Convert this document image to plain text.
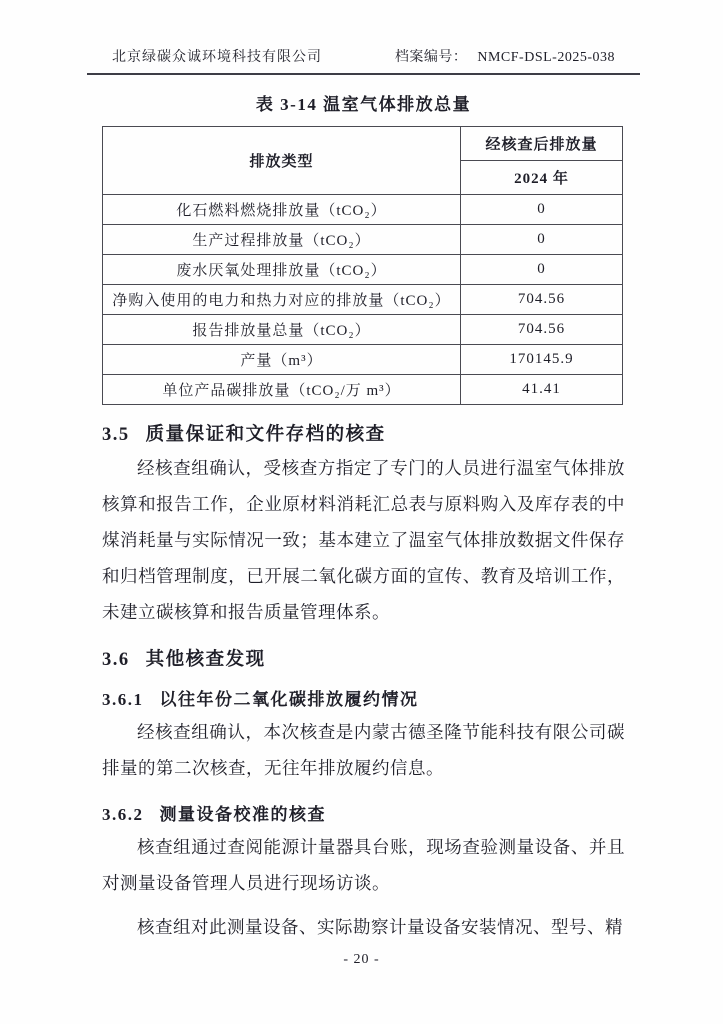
北京绿碳众诚环境科技有限公司	档案编号： NMCF-DSL-2025-038
表 3-14 温室气体排放总量
排放类型	经核查后排放量
	2024 年
化石燃料燃烧排放量（tCO₂）	0
生产过程排放量（tCO₂）	0
废水厌氧处理排放量（tCO₂）	0
净购入使用的电力和热力对应的排放量（tCO₂）	704.56
报告排放量总量（tCO₂）	704.56
产量（m³）	170145.9
单位产品碳排放量（tCO₂/万 m³）	41.41
3.5 质量保证和文件存档的核查

经核查组确认，受核查方指定了专门的人员进行温室气体排放核算和报告工作，企业原材料消耗汇总表与原料购入及库存表的中煤消耗量与实际情况一致；基本建立了温室气体排放数据文件保存和归档管理制度，已开展二氧化碳方面的宣传、教育及培训工作，未建立碳核算和报告质量管理体系。

3.6 其他核查发现
3.6.1 以往年份二氧化碳排放履约情况

经核查组确认，本次核查是内蒙古德圣隆节能科技有限公司碳排量的第二次核查，无往年排放履约信息。

3.6.2 测量设备校准的核查

核查组通过查阅能源计量器具台账，现场查验测量设备、并且对测量设备管理人员进行现场访谈。

核查组对此测量设备、实际勘察计量设备安装情况、型号、精

- 20 -
